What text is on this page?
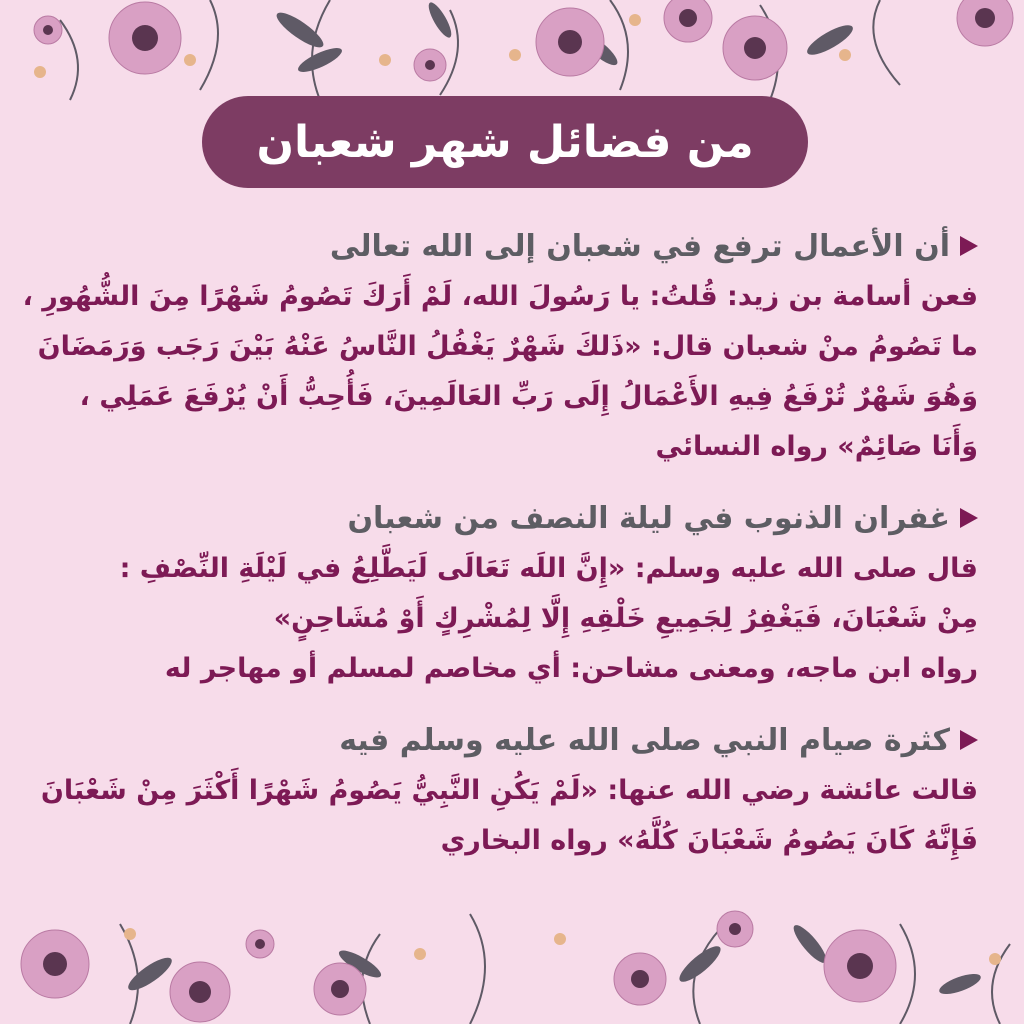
من فضائل شهر شعبان
أن الأعمال ترفع في شعبان إلى الله تعالى
فعن أسامة بن زيد: قُلتُ: يا رَسُولَ الله، لَمْ أَرَكَ تَصُومُ شَهْرًا مِنَ الشُّهُورِ ،
ما تَصُومُ منْ شعبان قال: «ذَلكَ شَهْرٌ يَغْفُلُ النَّاسُ عَنْهُ بَيْنَ رَجَب وَرَمَضَانَ
وَهُوَ شَهْرٌ تُرْفَعُ فِيهِ الأَعْمَالُ إِلَى رَبِّ العَالَمِينَ، فَأُحِبُّ أَنْ يُرْفَعَ عَمَلِي ،
وَأَنَا صَائِمٌ» رواه النسائي
غفران الذنوب في ليلة النصف من شعبان
قال صلى الله عليه وسلم: «إِنَّ اللَه تَعَالَى لَيَطَّلِعُ في لَيْلَةِ النِّصْفِ :
مِنْ شَعْبَانَ، فَيَغْفِرُ لِجَمِيعِ خَلْقِهِ إِلَّا لِمُشْرِكٍ أَوْ مُشَاحِنٍ»
رواه ابن ماجه، ومعنى مشاحن: أي مخاصم لمسلم أو مهاجر له
كثرة صيام النبي صلى الله عليه وسلم فيه
قالت عائشة رضي الله عنها: «لَمْ يَكُنِ النَّبِيُّ يَصُومُ شَهْرًا أَكْثَرَ مِنْ شَعْبَانَ
فَإِنَّهُ كَانَ يَصُومُ شَعْبَانَ كُلَّهُ» رواه البخاري
